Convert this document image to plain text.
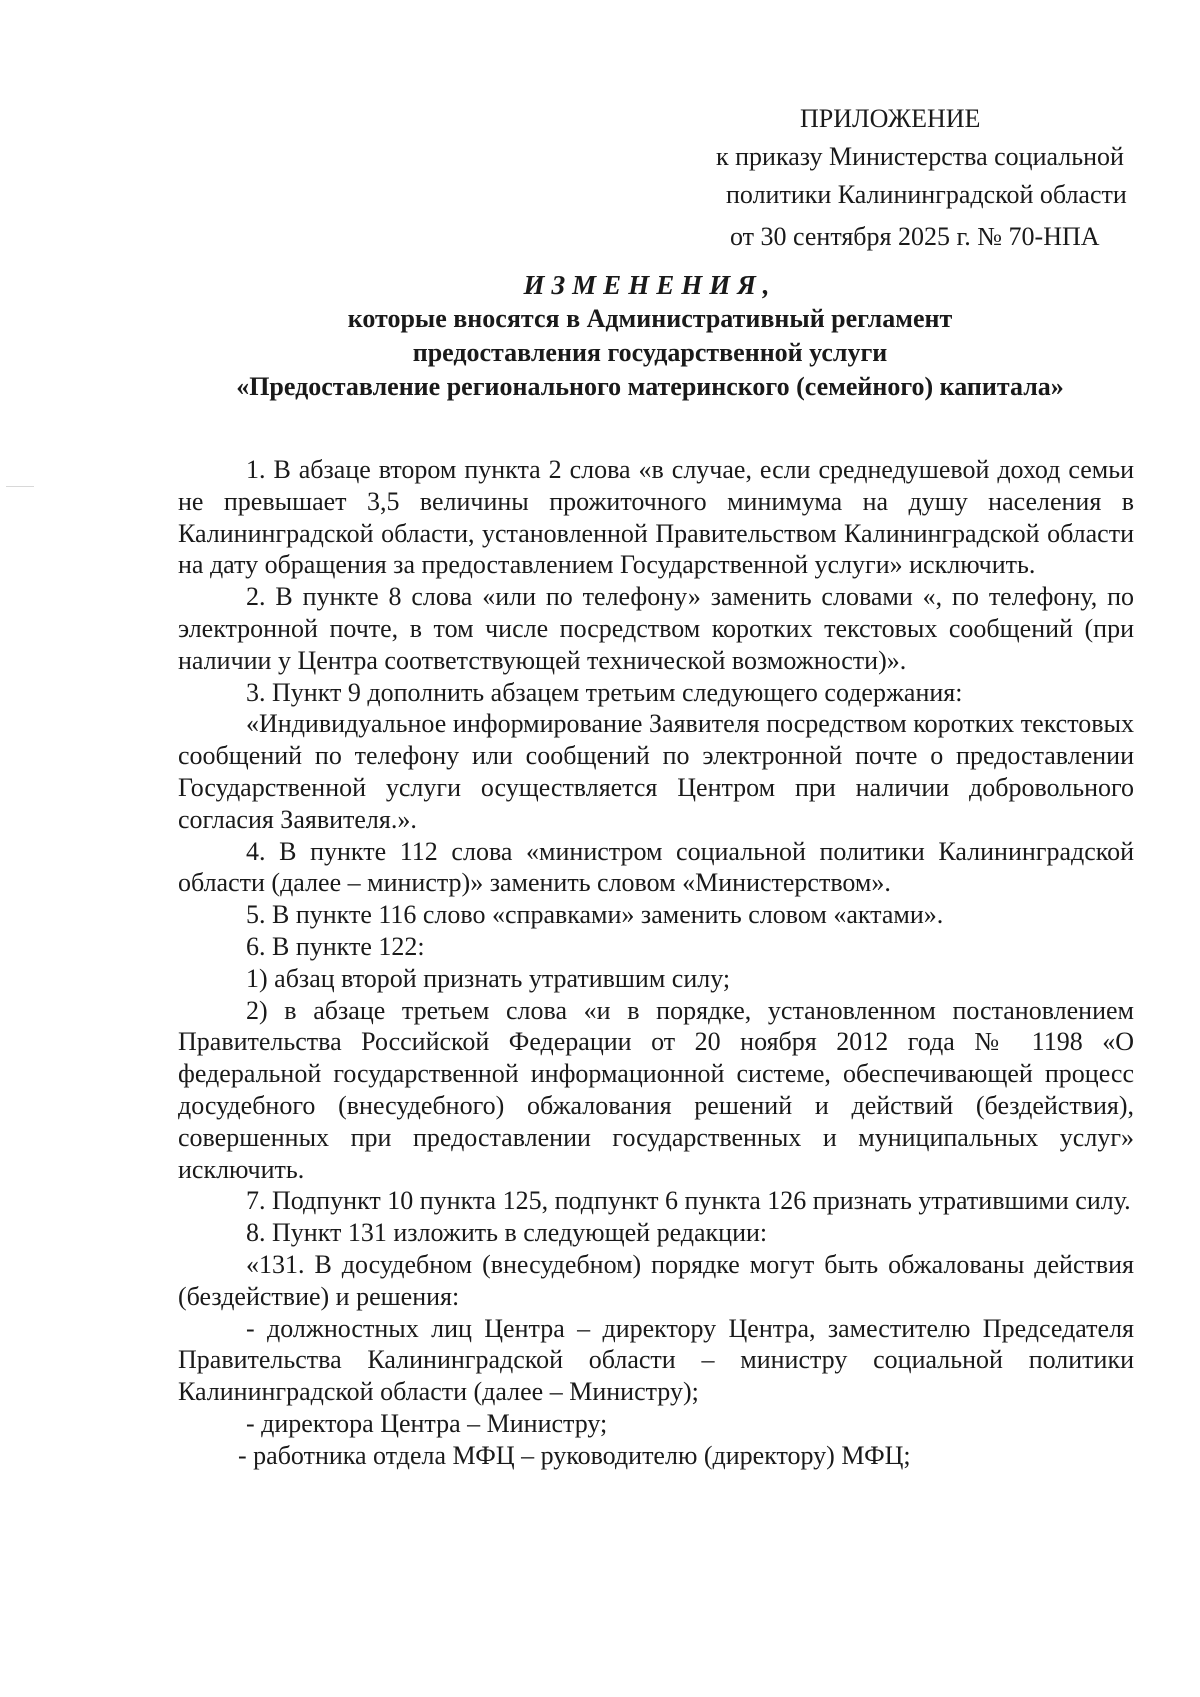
ПРИЛОЖЕНИЕ
к приказу Министерства социальной
политики Калининградской области
от 30 сентября 2025 г. № 70-НПА
ИЗМЕНЕНИЯ,
которые вносятся в Административный регламент
предоставления государственной услуги
«Предоставление регионального материнского (семейного) капитала»

1. В абзаце втором пункта 2 слова «в случае, если среднедушевой доход семьи не превышает 3,5 величины прожиточного минимума на душу населения в Калининградской области, установленной Правительством Калининградской области на дату обращения за предоставлением Государственной услуги» исключить.

2. В пункте 8 слова «или по телефону» заменить словами «, по телефону, по электронной почте, в том числе посредством коротких текстовых сообщений (при наличии у Центра соответствующей технической возможности)».

3. Пункт 9 дополнить абзацем третьим следующего содержания:

«Индивидуальное информирование Заявителя посредством коротких текстовых сообщений по телефону или сообщений по электронной почте о предоставлении Государственной услуги осуществляется Центром при наличии добровольного согласия Заявителя.».

4. В пункте 112 слова «министром социальной политики Калининградской области (далее – министр)» заменить словом «Министерством».

5. В пункте 116 слово «справками» заменить словом «актами».

6. В пункте 122:

1) абзац второй признать утратившим силу;

2) в абзаце третьем слова «и в порядке, установленном постановлением Правительства Российской Федерации от 20 ноября 2012 года № 1198 «О федеральной государственной информационной системе, обеспечивающей процесс досудебного (внесудебного) обжалования решений и действий (бездействия), совершенных при предоставлении государственных и муниципальных услуг» исключить.

7. Подпункт 10 пункта 125, подпункт 6 пункта 126 признать утратившими силу.

8. Пункт 131 изложить в следующей редакции:

«131. В досудебном (внесудебном) порядке могут быть обжалованы действия (бездействие) и решения:

- должностных лиц Центра – директору Центра, заместителю Председателя Правительства Калининградской области – министру социальной политики Калининградской области (далее – Министру);

- директора Центра – Министру;

- работника отдела МФЦ – руководителю (директору) МФЦ;
